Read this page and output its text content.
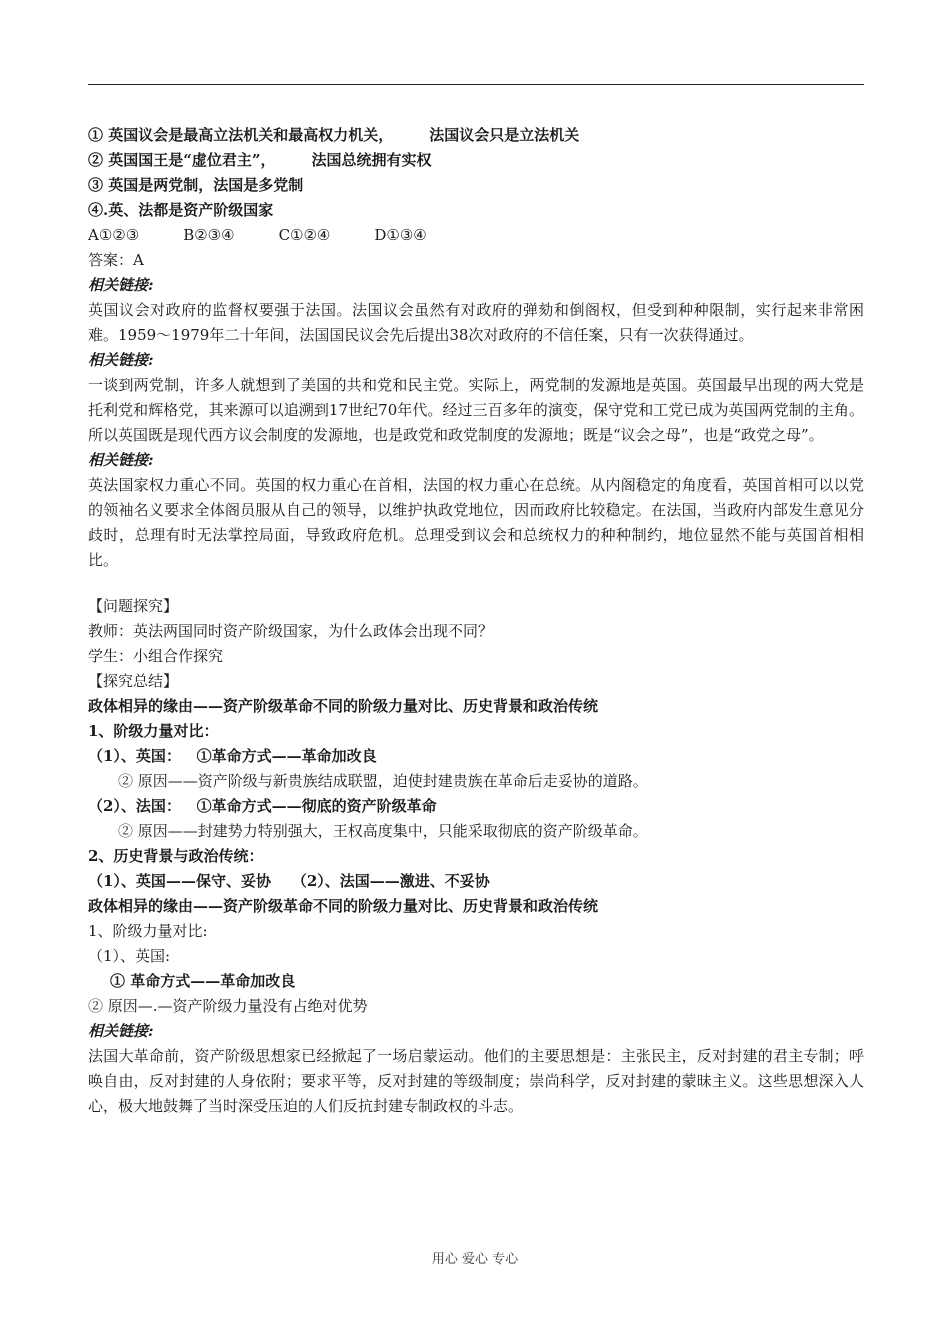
① 英国议会是最高立法机关和最高权力机关， 法国议会只是立法机关
② 英国国王是“虚位君主”， 法国总统拥有实权
③ 英国是两党制，法国是多党制
④.英、法都是资产阶级国家
A①②③	B②③④	C①②④	D①③④
答案：A
相关链接:
英国议会对政府的监督权要强于法国。法国议会虽然有对政府的弹劾和倒阁权，但受到种种限制，实行起来非常困难。1959～1979年二十年间，法国国民议会先后提出38次对政府的不信任案，只有一次获得通过。
相关链接:
一谈到两党制，许多人就想到了美国的共和党和民主党。实际上，两党制的发源地是英国。英国最早出现的两大党是托利党和辉格党，其来源可以追溯到17世纪70年代。经过三百多年的演变，保守党和工党已成为英国两党制的主角。所以英国既是现代西方议会制度的发源地，也是政党和政党制度的发源地；既是“议会之母”，也是“政党之母”。
相关链接:
英法国家权力重心不同。英国的权力重心在首相，法国的权力重心在总统。从内阁稳定的角度看，英国首相可以以党的领袖名义要求全体阁员服从自己的领导，以维护执政党地位，因而政府比较稳定。在法国，当政府内部发生意见分歧时，总理有时无法掌控局面，导致政府危机。总理受到议会和总统权力的种种制约，地位显然不能与英国首相相比。
【问题探究】
教师：英法两国同时资产阶级国家，为什么政体会出现不同？
学生：小组合作探究
【探究总结】
政体相异的缘由——资产阶级革命不同的阶级力量对比、历史背景和政治传统
1、阶级力量对比：
（1）、英国： ①革命方式——革命加改良
② 原因——资产阶级与新贵族结成联盟，迫使封建贵族在革命后走妥协的道路。
（2）、法国： ①革命方式——彻底的资产阶级革命
② 原因——封建势力特别强大，王权高度集中，只能采取彻底的资产阶级革命。
2、历史背景与政治传统：
（1）、英国——保守、妥协 （2）、法国——激进、不妥协
政体相异的缘由——资产阶级革命不同的阶级力量对比、历史背景和政治传统
1、阶级力量对比:
（1）、英国:
① 革命方式——革命加改良
② 原因—.—资产阶级力量没有占绝对优势
相关链接:
法国大革命前，资产阶级思想家已经掀起了一场启蒙运动。他们的主要思想是：主张民主，反对封建的君主专制；呼唤自由，反对封建的人身依附；要求平等，反对封建的等级制度；崇尚科学，反对封建的蒙昧主义。这些思想深入人心，极大地鼓舞了当时深受压迫的人们反抗封建专制政权的斗志。
用心 爱心 专心
